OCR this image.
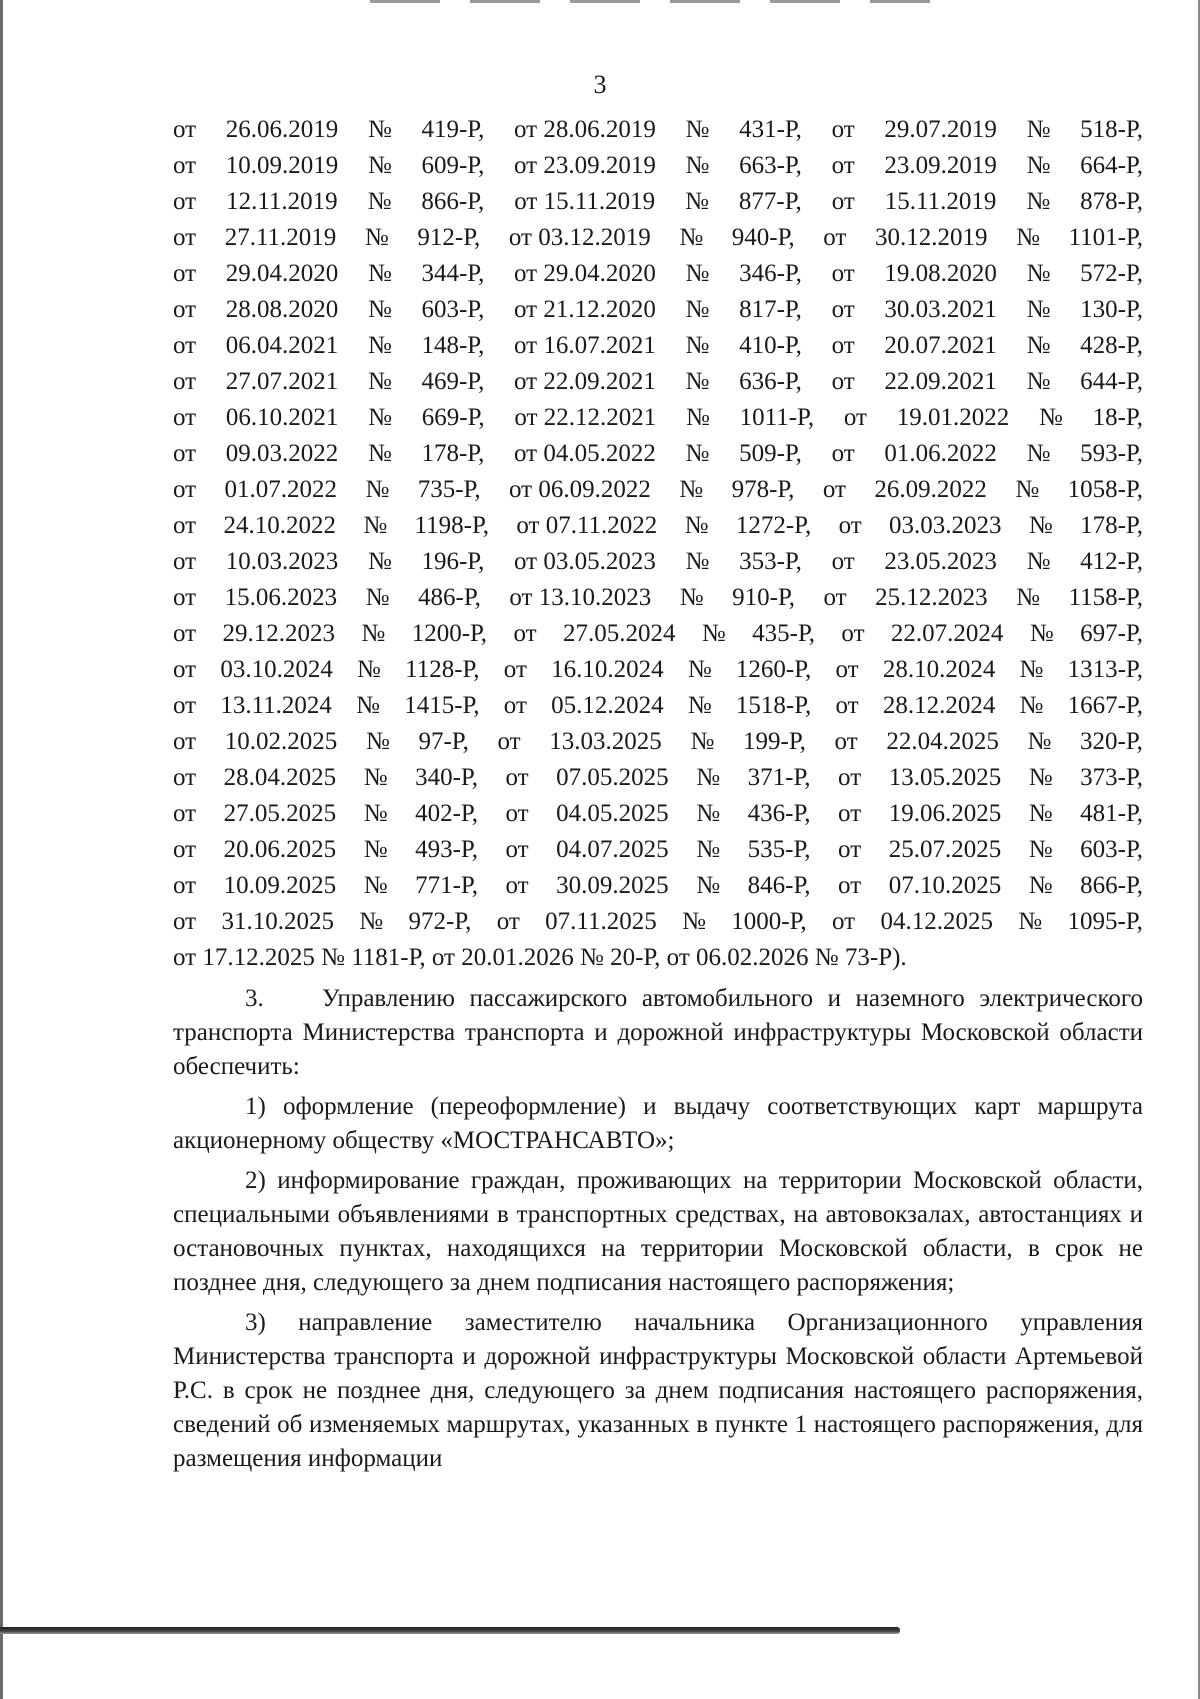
3
от 26.06.2019 № 419-Р, от 28.06.2019 № 431-Р, от 29.07.2019 № 518-Р,
от 10.09.2019 № 609-Р, от 23.09.2019 № 663-Р, от 23.09.2019 № 664-Р,
от 12.11.2019 № 866-Р, от 15.11.2019 № 877-Р, от 15.11.2019 № 878-Р,
от 27.11.2019 № 912-Р, от 03.12.2019 № 940-Р, от 30.12.2019 № 1101-Р,
от 29.04.2020 № 344-Р, от 29.04.2020 № 346-Р, от 19.08.2020 № 572-Р,
от 28.08.2020 № 603-Р, от 21.12.2020 № 817-Р, от 30.03.2021 № 130-Р,
от 06.04.2021 № 148-Р, от 16.07.2021 № 410-Р, от 20.07.2021 № 428-Р,
от 27.07.2021 № 469-Р, от 22.09.2021 № 636-Р, от 22.09.2021 № 644-Р,
от 06.10.2021 № 669-Р, от 22.12.2021 № 1011-Р, от 19.01.2022 № 18-Р,
от 09.03.2022 № 178-Р, от 04.05.2022 № 509-Р, от 01.06.2022 № 593-Р,
от 01.07.2022 № 735-Р, от 06.09.2022 № 978-Р, от 26.09.2022 № 1058-Р,
от 24.10.2022 № 1198-Р, от 07.11.2022 № 1272-Р, от 03.03.2023 № 178-Р,
от 10.03.2023 № 196-Р, от 03.05.2023 № 353-Р, от 23.05.2023 № 412-Р,
от 15.06.2023 № 486-Р, от 13.10.2023 № 910-Р, от 25.12.2023 № 1158-Р,
от 29.12.2023 № 1200-Р, от 27.05.2024 № 435-Р, от 22.07.2024 № 697-Р,
от 03.10.2024 № 1128-Р, от 16.10.2024 № 1260-Р, от 28.10.2024 № 1313-Р,
от 13.11.2024 № 1415-Р, от 05.12.2024 № 1518-Р, от 28.12.2024 № 1667-Р,
от 10.02.2025 № 97-Р, от 13.03.2025 № 199-Р, от 22.04.2025 № 320-Р,
от 28.04.2025 № 340-Р, от 07.05.2025 № 371-Р, от 13.05.2025 № 373-Р,
от 27.05.2025 № 402-Р, от 04.05.2025 № 436-Р, от 19.06.2025 № 481-Р,
от 20.06.2025 № 493-Р, от 04.07.2025 № 535-Р, от 25.07.2025 № 603-Р,
от 10.09.2025 № 771-Р, от 30.09.2025 № 846-Р, от 07.10.2025 № 866-Р,
от 31.10.2025 № 972-Р, от 07.11.2025 № 1000-Р, от 04.12.2025 № 1095-Р,
от 17.12.2025 № 1181-Р, от 20.01.2026 № 20-Р, от 06.02.2026 № 73-Р).

3.    Управлению пассажирского автомобильного и наземного электрического транспорта Министерства транспорта и дорожной инфраструктуры Московской области обеспечить:

1) оформление (переоформление) и выдачу соответствующих карт маршрута акционерному обществу «МОСТРАНСАВТО»;

2) информирование граждан, проживающих на территории Московской области, специальными объявлениями в транспортных средствах, на автовокзалах, автостанциях и остановочных пунктах, находящихся на территории Московской области, в срок не позднее дня, следующего за днем подписания настоящего распоряжения;

3) направление заместителю начальника Организационного управления Министерства транспорта и дорожной инфраструктуры Московской области Артемьевой Р.С. в срок не позднее дня, следующего за днем подписания настоящего распоряжения, сведений об изменяемых маршрутах, указанных в пункте 1 настоящего распоряжения, для размещения информации
